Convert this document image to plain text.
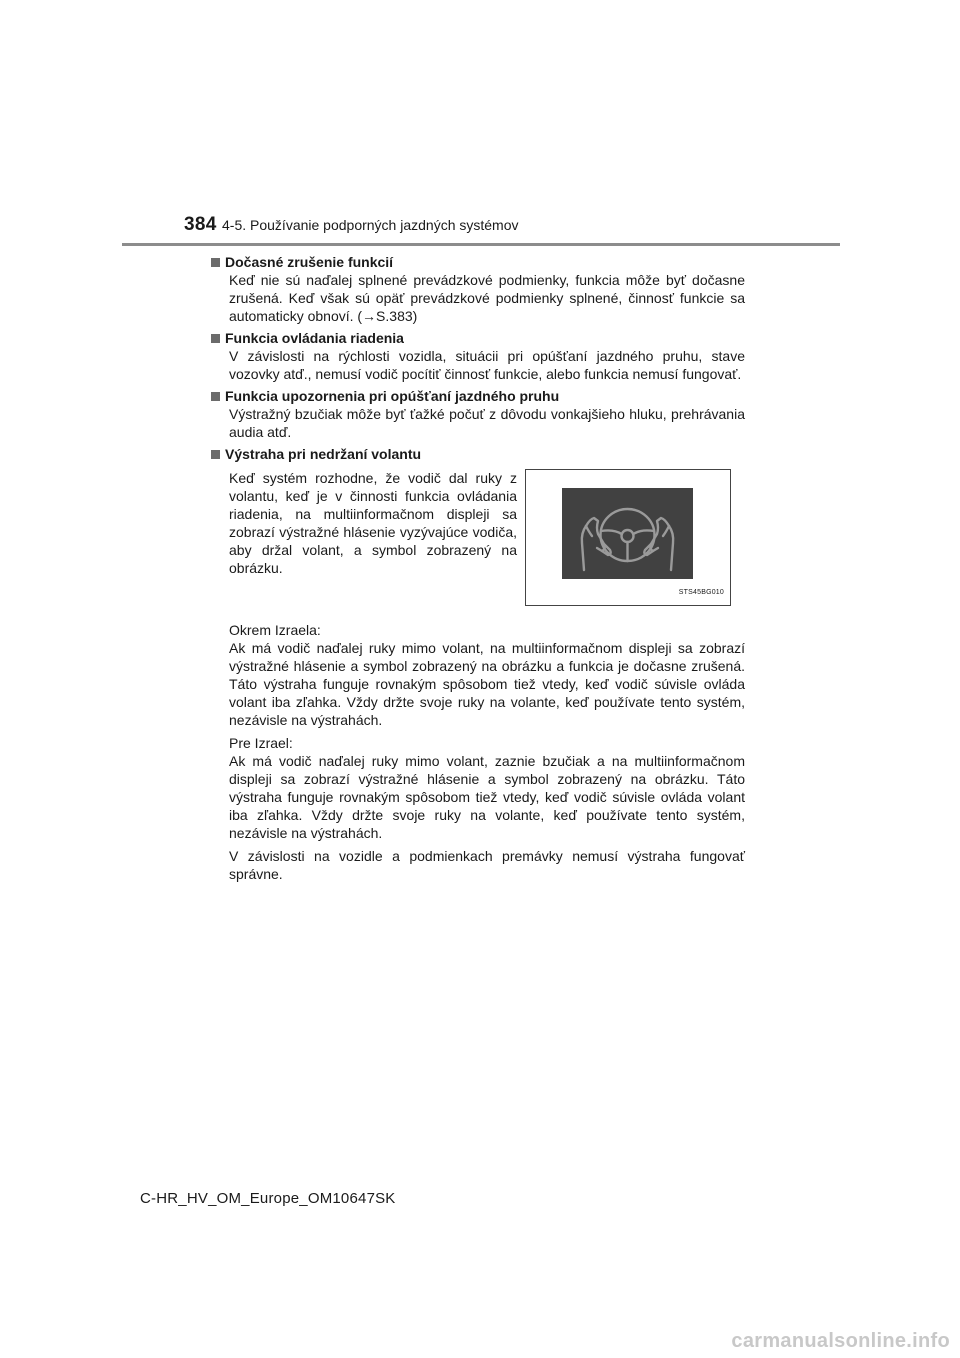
384 4-5. Používanie podporných jazdných systémov
Dočasné zrušenie funkcií
Keď nie sú naďalej splnené prevádzkové podmienky, funkcia môže byť dočasne zrušená. Keď však sú opäť prevádzkové podmienky splnené, činnosť funkcie sa automaticky obnoví. (→S.383)
Funkcia ovládania riadenia
V závislosti na rýchlosti vozidla, situácii pri opúšťaní jazdného pruhu, stave vozovky atď., nemusí vodič pocítiť činnosť funkcie, alebo funkcia nemusí fungovať.
Funkcia upozornenia pri opúšťaní jazdného pruhu
Výstražný bzučiak môže byť ťažké počuť z dôvodu vonkajšieho hluku, prehrávania audia atď.
Výstraha pri nedržaní volantu
Keď systém rozhodne, že vodič dal ruky z volantu, keď je v činnosti funkcia ovládania riadenia, na multiinformačnom displeji sa zobrazí výstražné hlásenie vyzývajúce vodiča, aby držal volant, a symbol zobrazený na obrázku.
STS45BG010
Okrem Izraela:
Ak má vodič naďalej ruky mimo volant, na multiinformačnom displeji sa zobrazí výstražné hlásenie a symbol zobrazený na obrázku a funkcia je dočasne zrušená. Táto výstraha funguje rovnakým spôsobom tiež vtedy, keď vodič súvisle ovláda volant iba zľahka. Vždy držte svoje ruky na volante, keď používate tento systém, nezávisle na výstrahách.
Pre Izrael:
Ak má vodič naďalej ruky mimo volant, zaznie bzučiak a na multiinformačnom displeji sa zobrazí výstražné hlásenie a symbol zobrazený na obrázku. Táto výstraha funguje rovnakým spôsobom tiež vtedy, keď vodič súvisle ovláda volant iba zľahka. Vždy držte svoje ruky na volante, keď používate tento systém, nezávisle na výstrahách.
V závislosti na vozidle a podmienkach premávky nemusí výstraha fungovať správne.
C-HR_HV_OM_Europe_OM10647SK
carmanualsonline.info
